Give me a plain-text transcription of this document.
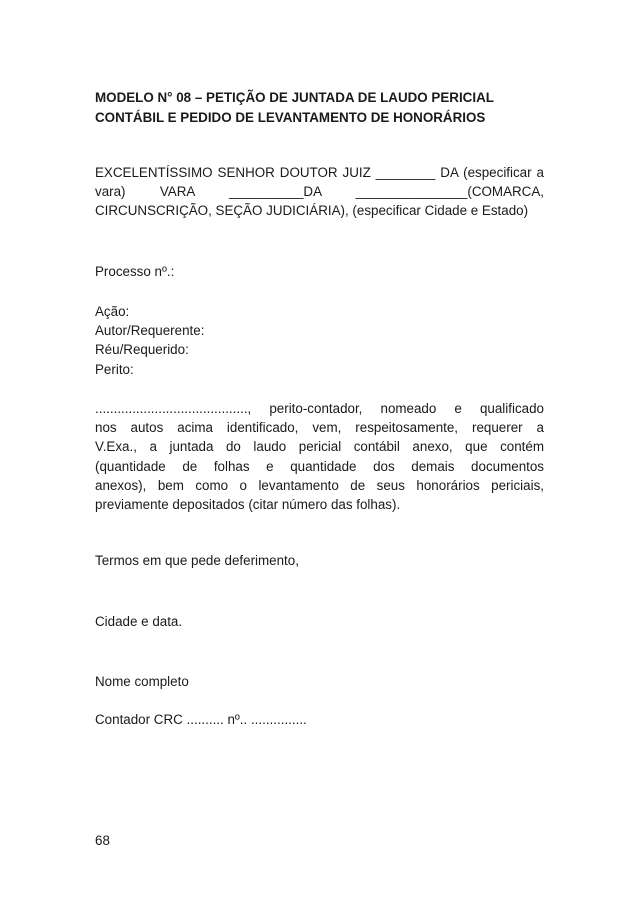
MODELO N° 08 – PETIÇÃO DE JUNTADA DE LAUDO PERICIAL
CONTÁBIL E PEDIDO DE LEVANTAMENTO DE HONORÁRIOS
EXCELENTÍSSIMO SENHOR DOUTOR JUIZ ________ DA (especificar a
vara) VARA __________DA _______________(COMARCA,
CIRCUNSCRIÇÃO, SEÇÃO JUDICIÁRIA), (especificar Cidade e Estado)
Processo nº.:
Ação:
Autor/Requerente:
Réu/Requerido:
Perito:
........................................., perito-contador, nomeado e qualificado
nos autos acima identificado, vem, respeitosamente, requerer a
V.Exa., a juntada do laudo pericial contábil anexo, que contém
(quantidade de folhas e quantidade dos demais documentos
anexos), bem como o levantamento de seus honorários periciais,
previamente depositados (citar número das folhas).
Termos em que pede deferimento,
Cidade e data.
Nome completo
Contador CRC .......... nº.. ...............
68
